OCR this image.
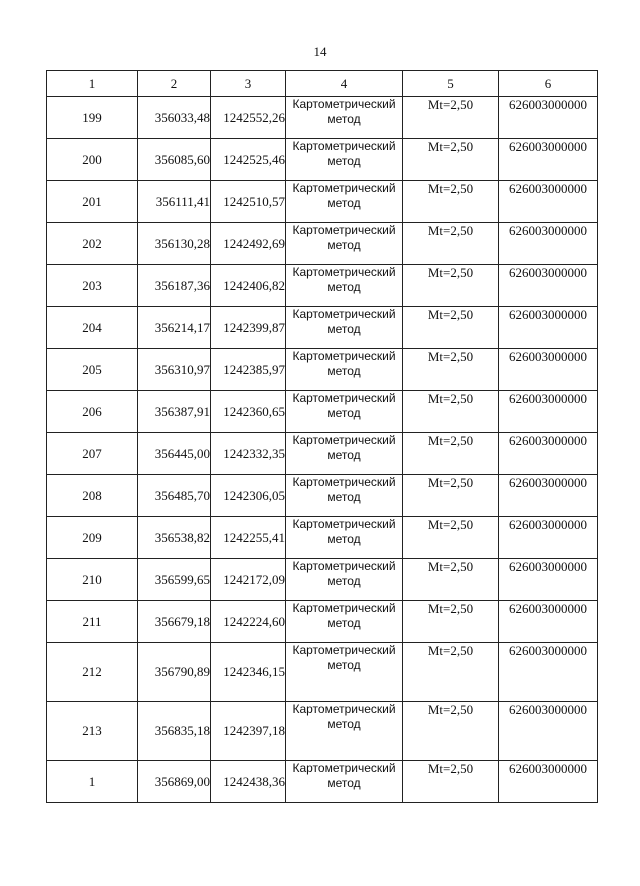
14
1	2	3	4	5	6
199	356033,48	1242552,26	Картометрический метод	Mt=2,50	626003000000
200	356085,60	1242525,46	Картометрический метод	Mt=2,50	626003000000
201	356111,41	1242510,57	Картометрический метод	Mt=2,50	626003000000
202	356130,28	1242492,69	Картометрический метод	Mt=2,50	626003000000
203	356187,36	1242406,82	Картометрический метод	Mt=2,50	626003000000
204	356214,17	1242399,87	Картометрический метод	Mt=2,50	626003000000
205	356310,97	1242385,97	Картометрический метод	Mt=2,50	626003000000
206	356387,91	1242360,65	Картометрический метод	Mt=2,50	626003000000
207	356445,00	1242332,35	Картометрический метод	Mt=2,50	626003000000
208	356485,70	1242306,05	Картометрический метод	Mt=2,50	626003000000
209	356538,82	1242255,41	Картометрический метод	Mt=2,50	626003000000
210	356599,65	1242172,09	Картометрический метод	Mt=2,50	626003000000
211	356679,18	1242224,60	Картометрический метод	Mt=2,50	626003000000
212	356790,89	1242346,15	Картометрический метод	Mt=2,50	626003000000
213	356835,18	1242397,18	Картометрический метод	Mt=2,50	626003000000
1	356869,00	1242438,36	Картометрический метод	Mt=2,50	626003000000
